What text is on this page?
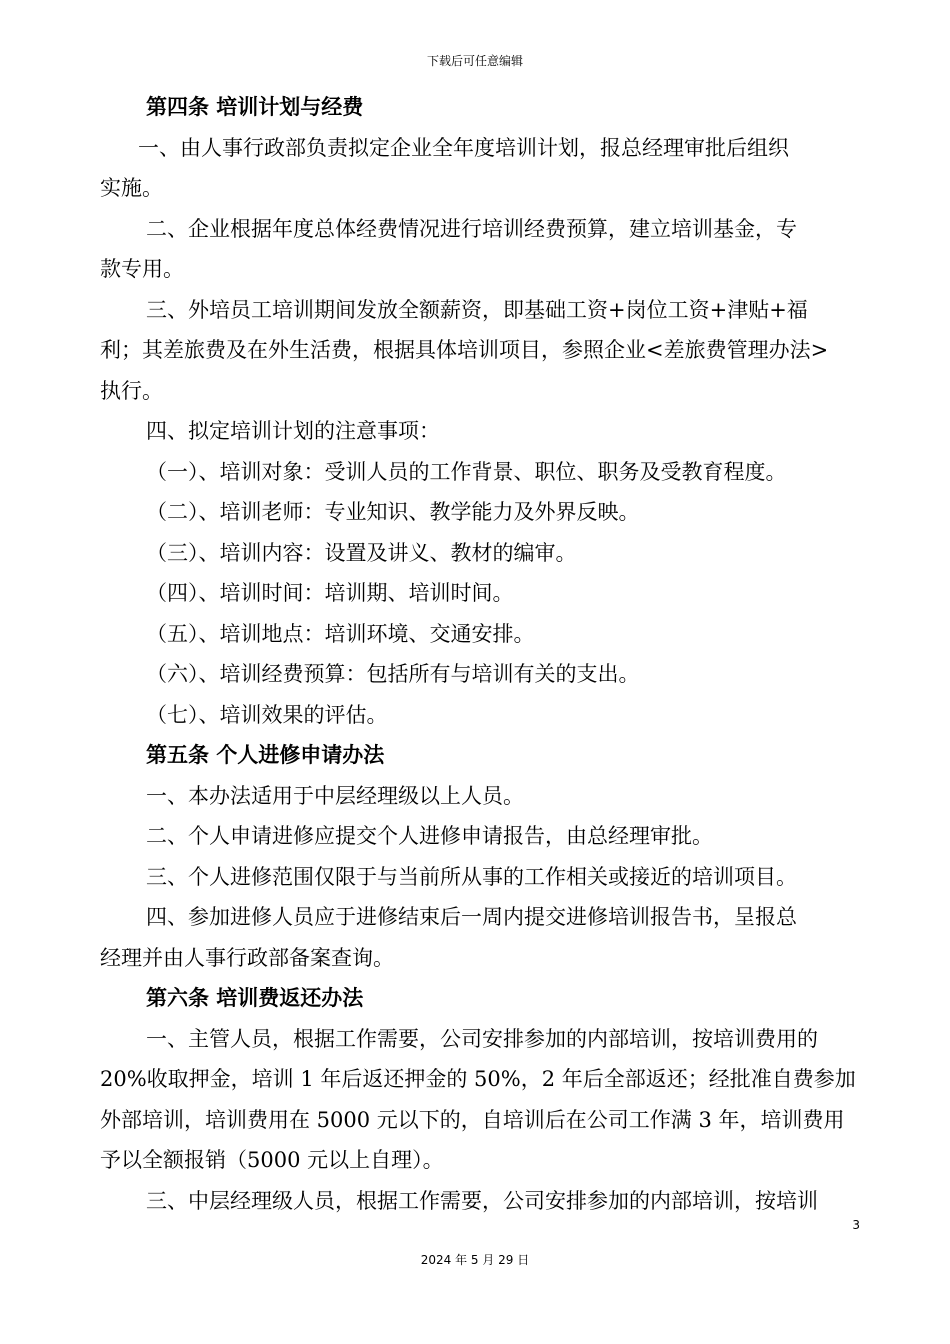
下载后可任意编辑

第四条 培训计划与经费

一、由人事行政部负责拟定企业全年度培训计划，报总经理审批后组织

实施。

二、企业根据年度总体经费情况进行培训经费预算，建立培训基金，专

款专用。

三、外培员工培训期间发放全额薪资，即基础工资+岗位工资+津贴+福

利；其差旅费及在外生活费，根据具体培训项目，参照企业<差旅费管理办法>

执行。

四、拟定培训计划的注意事项：

（一）、培训对象：受训人员的工作背景、职位、职务及受教育程度。

（二）、培训老师：专业知识、教学能力及外界反映。

（三）、培训内容：设置及讲义、教材的编审。

（四）、培训时间：培训期、培训时间。

（五）、培训地点：培训环境、交通安排。

（六）、培训经费预算：包括所有与培训有关的支出。

（七）、培训效果的评估。

第五条 个人进修申请办法

一、本办法适用于中层经理级以上人员。

二、个人申请进修应提交个人进修申请报告，由总经理审批。

三、个人进修范围仅限于与当前所从事的工作相关或接近的培训项目。

四、参加进修人员应于进修结束后一周内提交进修培训报告书，呈报总

经理并由人事行政部备案查询。

第六条 培训费返还办法

一、主管人员，根据工作需要，公司安排参加的内部培训，按培训费用的

20%收取押金，培训 1 年后返还押金的 50%，2 年后全部返还；经批准自费参加

外部培训，培训费用在 5000 元以下的，自培训后在公司工作满 3 年，培训费用

予以全额报销（5000 元以上自理）。

三、中层经理级人员，根据工作需要，公司安排参加的内部培训，按培训

3
2024 年 5 月 29 日
